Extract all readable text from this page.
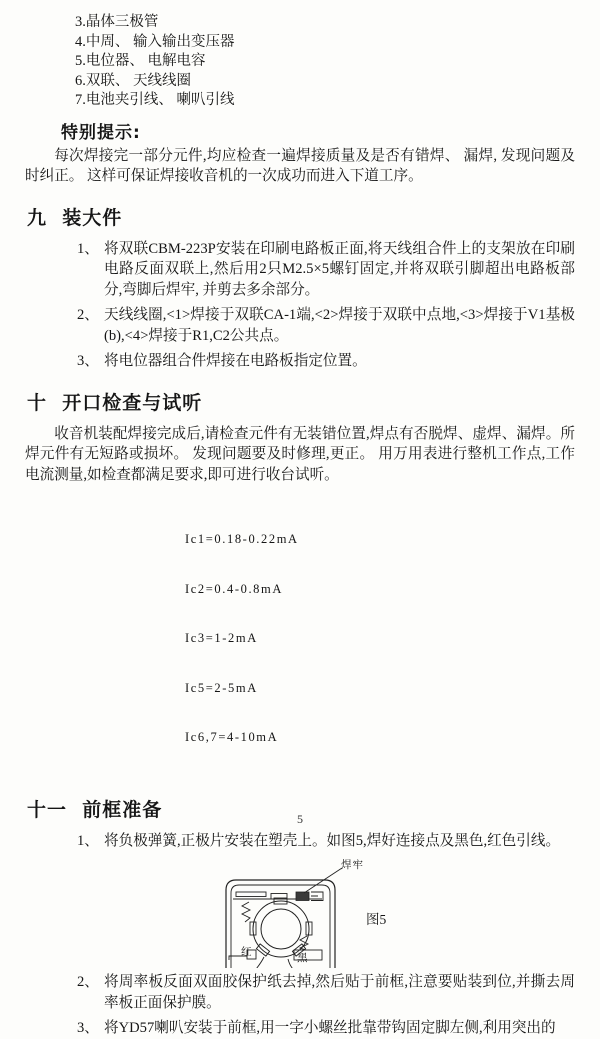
3.晶体三极管
4.中周、 输入输出变压器
5.电位器、 电解电容
6.双联、 天线线圈
7.电池夹引线、 喇叭引线
特别提示:

每次焊接完一部分元件,均应检查一遍焊接质量及是否有错焊、 漏焊, 发现问题及时纠正。 这样可保证焊接收音机的一次成功而进入下道工序。

九  装大件
1、 将双联CBM-223P安装在印刷电路板正面,将天线组合件上的支架放在印刷电路反面双联上,然后用2只M2.5×5螺钉固定,并将双联引脚超出电路板部分,弯脚后焊牢, 并剪去多余部分。
2、 天线线圈,<1>焊接于双联CA-1端,<2>焊接于双联中点地,<3>焊接于V1基极(b),<4>焊接于R1,C2公共点。
3、 将电位器组合件焊接在电路板指定位置。
十  开口检查与试听

收音机装配焊接完成后,请检查元件有无装错位置,焊点有否脱焊、虚焊、漏焊。所焊元件有无短路或损坏。 发现问题要及时修理,更正。 用万用表进行整机工作点,工作电流测量,如检查都满足要求,即可进行收台试听。

Ic1=0.18-0.22mA

Ic2=0.4-0.8mA

Ic3=1-2mA

Ic5=2-5mA

Ic6,7=4-10mA

十一  前框准备
1、 将负极弹簧,正极片安装在塑壳上。如图5,焊好连接点及黑色,红色引线。
焊牢
红
黑
图5
2、 将周率板反面双面胶保护纸去掉,然后贴于前框,注意要贴装到位,并撕去周率板正面保护膜。
3、 将YD57喇叭安装于前框,用一字小螺丝批靠带钩固定脚左侧,利用突出的
5
